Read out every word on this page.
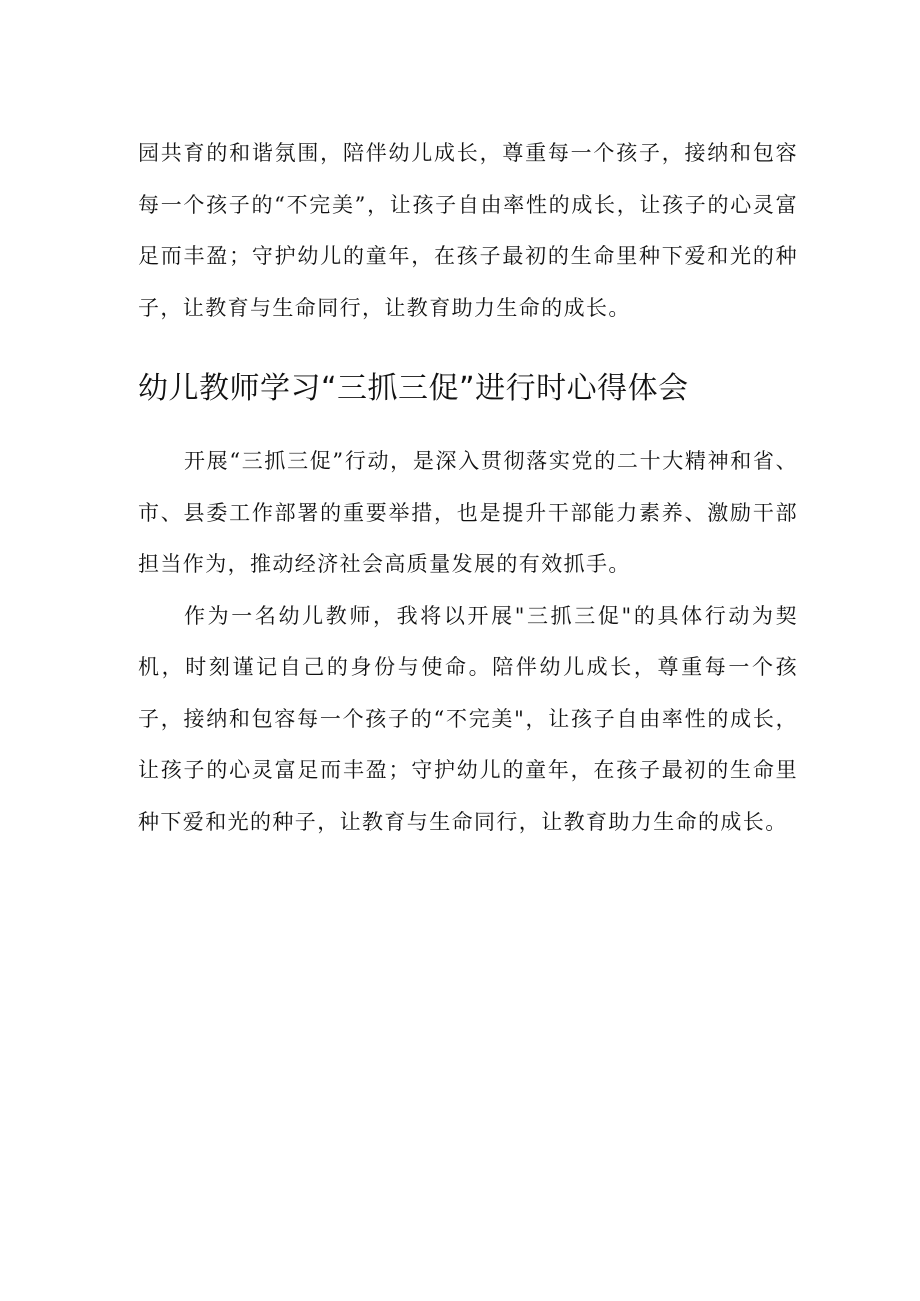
园共育的和谐氛围，陪伴幼儿成长，尊重每一个孩子，接纳和包容每一个孩子的“不完美”，让孩子自由率性的成长，让孩子的心灵富足而丰盈；守护幼儿的童年，在孩子最初的生命里种下爱和光的种子，让教育与生命同行，让教育助力生命的成长。

幼儿教师学习“三抓三促”进行时心得体会

开展“三抓三促”行动，是深入贯彻落实党的二十大精神和省、市、县委工作部署的重要举措，也是提升干部能力素养、激励干部担当作为，推动经济社会高质量发展的有效抓手。

作为一名幼儿教师，我将以开展"三抓三促"的具体行动为契机，时刻谨记自己的身份与使命。陪伴幼儿成长，尊重每一个孩子，接纳和包容每一个孩子的“不完美"，让孩子自由率性的成长，让孩子的心灵富足而丰盈；守护幼儿的童年，在孩子最初的生命里种下爱和光的种子，让教育与生命同行，让教育助力生命的成长。
